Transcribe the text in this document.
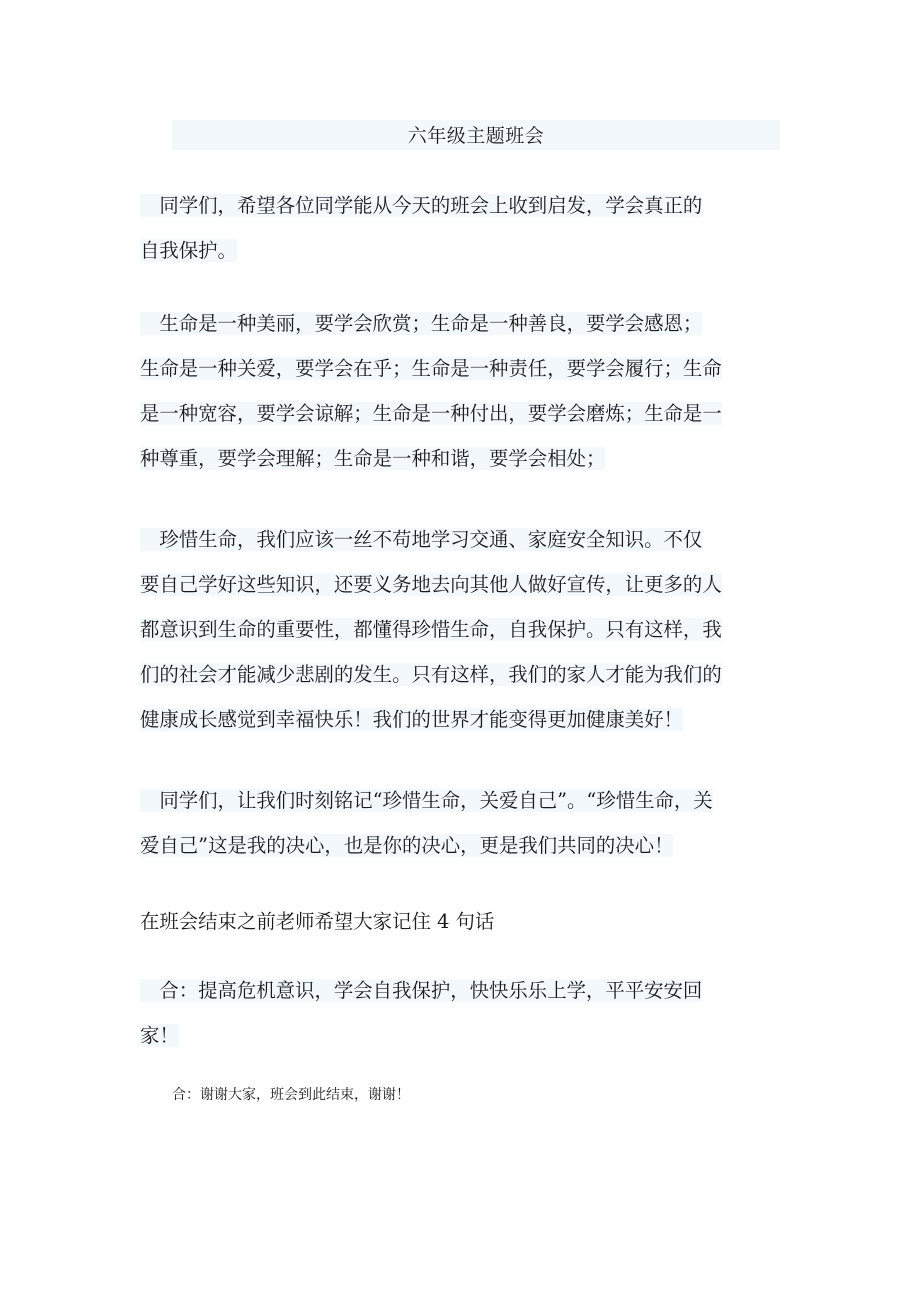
六年级主题班会
　同学们，希望各位同学能从今天的班会上收到启发，学会真正的
自我保护。
　生命是一种美丽，要学会欣赏；生命是一种善良，要学会感恩；
生命是一种关爱，要学会在乎；生命是一种责任，要学会履行；生命
是一种宽容，要学会谅解；生命是一种付出，要学会磨炼；生命是一
种尊重，要学会理解；生命是一种和谐，要学会相处；
　珍惜生命，我们应该一丝不苟地学习交通、家庭安全知识。不仅
要自己学好这些知识，还要义务地去向其他人做好宣传，让更多的人
都意识到生命的重要性，都懂得珍惜生命，自我保护。只有这样，我
们的社会才能减少悲剧的发生。只有这样，我们的家人才能为我们的
健康成长感觉到幸福快乐！我们的世界才能变得更加健康美好！
　同学们，让我们时刻铭记“珍惜生命，关爱自己”。“珍惜生命，关
爱自己”这是我的决心，也是你的决心，更是我们共同的决心！
在班会结束之前老师希望大家记住 4 句话
　合：提高危机意识，学会自我保护，快快乐乐上学，平平安安回
家！
合：谢谢大家，班会到此结束，谢谢！
